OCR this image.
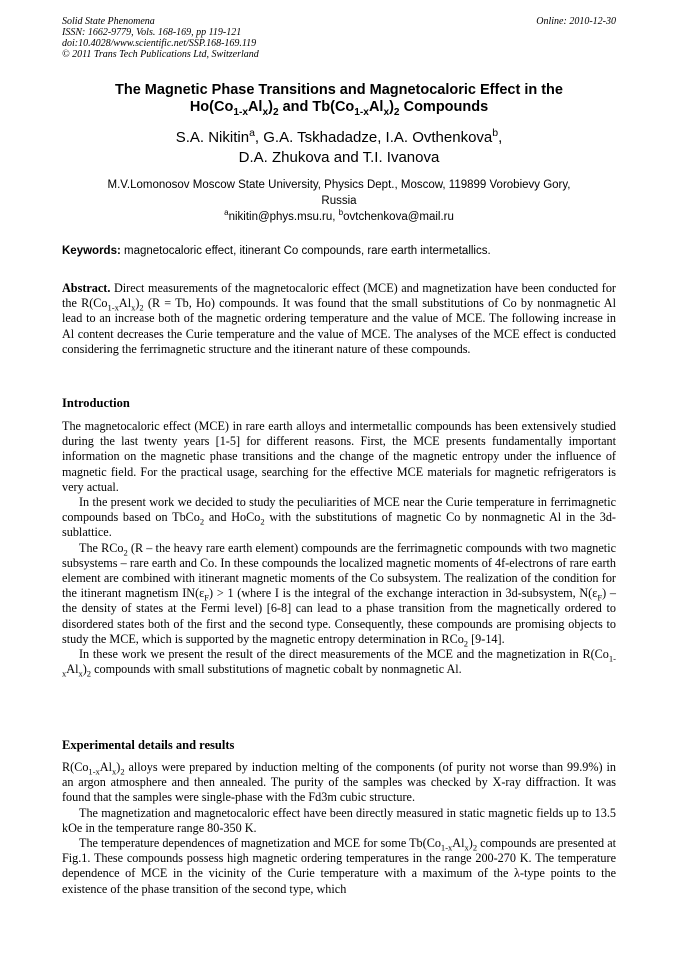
Solid State Phenomena
ISSN: 1662-9779, Vols. 168-169, pp 119-121
doi:10.4028/www.scientific.net/SSP.168-169.119
© 2011 Trans Tech Publications Ltd, Switzerland
Online: 2010-12-30
The Magnetic Phase Transitions and Magnetocaloric Effect in the
$Ho(Co_{1-x}Al_x)_2$ and $Tb(Co_{1-x}Al_x)_2$ Compounds
S.A. Nikitin$^a$, G.A. Tskhadadze, I.A. Ovthenkova$^b$,
D.A. Zhukova and T.I. Ivanova
M.V.Lomonosov Moscow State University, Physics Dept., Moscow, 119899 Vorobievy Gory,
Russia
$^a$nikitin@phys.msu.ru, $^b$ovtchenkova@mail.ru
Keywords: magnetocaloric effect, itinerant Co compounds, rare earth intermetallics.

Abstract. Direct measurements of the magnetocaloric effect (MCE) and magnetization have been conducted for the $R(Co_{1-x}Al_x)_2$ (R = Tb, Ho) compounds. It was found that the small substitutions of Co by nonmagnetic Al lead to an increase both of the magnetic ordering temperature and the value of MCE. The following increase in Al content decreases the Curie temperature and the value of MCE. The analyses of the MCE effect is conducted considering the ferrimagnetic structure and the itinerant nature of these compounds.

Introduction

The magnetocaloric effect (MCE) in rare earth alloys and intermetallic compounds has been extensively studied during the last twenty years [1-5] for different reasons. First, the MCE presents fundamentally important information on the magnetic phase transitions and the change of the magnetic entropy under the influence of magnetic field. For the practical usage, searching for the effective MCE materials for magnetic refrigerators is very actual.

In the present work we decided to study the peculiarities of MCE near the Curie temperature in ferrimagnetic compounds based on TbCo$_2$ and HoCo$_2$ with the substitutions of magnetic Co by nonmagnetic Al in the 3d-sublattice.

The RCo$_2$ (R – the heavy rare earth element) compounds are the ferrimagnetic compounds with two magnetic subsystems – rare earth and Co. In these compounds the localized magnetic moments of 4f-electrons of rare earth element are combined with itinerant magnetic moments of the Co subsystem. The realization of the condition for the itinerant magnetism $IN(\varepsilon_F) > 1$ (where I is the integral of the exchange interaction in 3d-subsystem, $N(\varepsilon_F)$ – the density of states at the Fermi level) [6-8] can lead to a phase transition from the magnetically ordered to disordered states both of the first and the second type. Consequently, these compounds are promising objects to study the MCE, which is supported by the magnetic entropy determination in RCo$_2$ [9-14].

In these work we present the result of the direct measurements of the MCE and the magnetization in $R(Co_{1-x}Al_x)_2$ compounds with small substitutions of magnetic cobalt by nonmagnetic Al.

Experimental details and results

$R(Co_{1-x}Al_x)_2$ alloys were prepared by induction melting of the components (of purity not worse than 99.9%) in an argon atmosphere and then annealed. The purity of the samples was checked by X-ray diffraction. It was found that the samples were single-phase with the Fd3m cubic structure.

The magnetization and magnetocaloric effect have been directly measured in static magnetic fields up to 13.5 kOe in the temperature range 80-350 K.

The temperature dependences of magnetization and MCE for some $Tb(Co_{1-x}Al_x)_2$ compounds are presented at Fig.1. These compounds possess high magnetic ordering temperatures in the range 200-270 K. The temperature dependence of MCE in the vicinity of the Curie temperature with a maximum of the λ-type points to the existence of the phase transition of the second type, which
